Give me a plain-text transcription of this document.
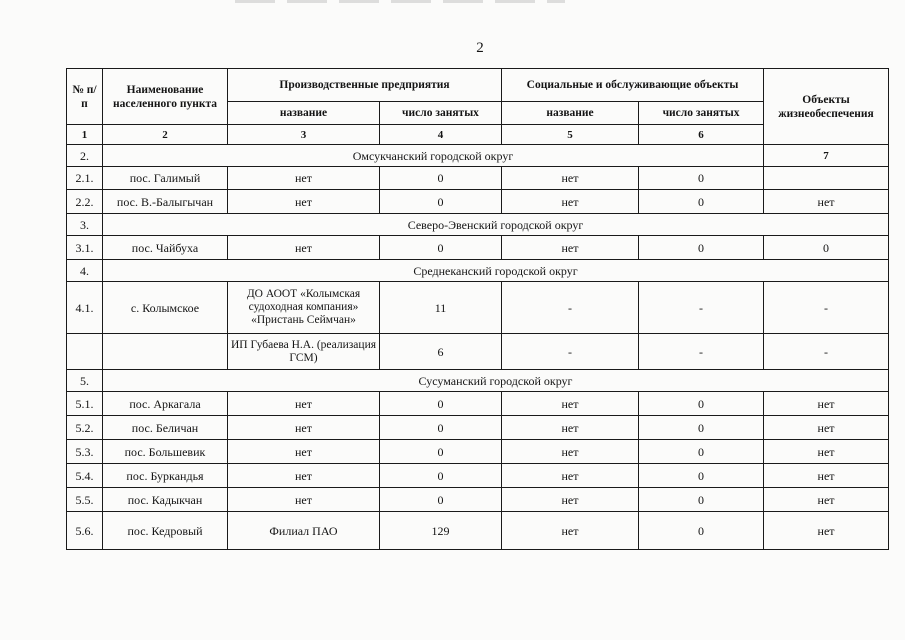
2
№ п/п	Наименование населенного пункта	Производственные предприятия		Социальные и обслуживающие объекты		Объекты жизнеобеспечения
		название	число занятых	название	число занятых	
1	2	3	4	5	6	
2.	Омсукчанский городской округ					7
2.1.	пос. Галимый	нет	0	нет	0	
2.2.	пос. В.-Балыгычан	нет	0	нет	0	нет
3.	Северо-Эвенский городской округ					
3.1.	пос. Чайбуха	нет	0	нет	0	0
4.	Среднеканский городской округ					
4.1.	с. Колымское	ДО АООТ «Колымская судоходная компания» «Пристань Сеймчан»	11	-	-	-
		ИП Губаева Н.А. (реализация ГСМ)	6	-	-	-
5.	Сусуманский городской округ					
5.1.	пос. Аркагала	нет	0	нет	0	нет
5.2.	пос. Беличан	нет	0	нет	0	нет
5.3.	пос. Большевик	нет	0	нет	0	нет
5.4.	пос. Буркандья	нет	0	нет	0	нет
5.5.	пос. Кадыкчан	нет	0	нет	0	нет
5.6.	пос. Кедровый	Филиал ПАО	129	нет	0	нет
